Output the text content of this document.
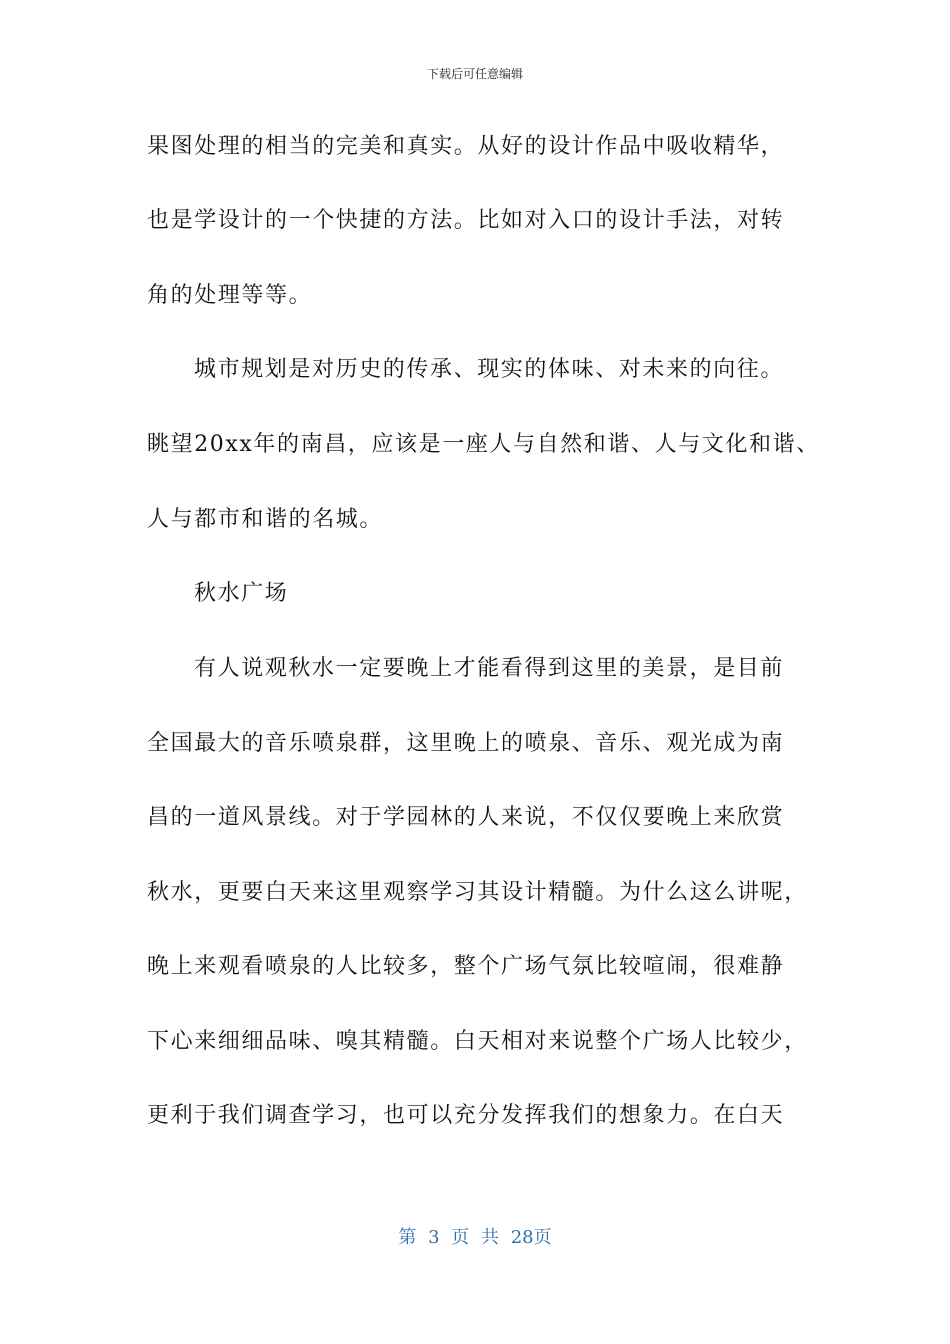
下载后可任意编辑
果图处理的相当的完美和真实。从好的设计作品中吸收精华，
也是学设计的一个快捷的方法。比如对入口的设计手法，对转
角的处理等等。
城市规划是对历史的传承、现实的体味、对未来的向往。
眺望20xx年的南昌，应该是一座人与自然和谐、人与文化和谐、
人与都市和谐的名城。
秋水广场
有人说观秋水一定要晚上才能看得到这里的美景，是目前
全国最大的音乐喷泉群，这里晚上的喷泉、音乐、观光成为南
昌的一道风景线。对于学园林的人来说，不仅仅要晚上来欣赏
秋水，更要白天来这里观察学习其设计精髓。为什么这么讲呢，
晚上来观看喷泉的人比较多，整个广场气氛比较喧闹，很难静
下心来细细品味、嗅其精髓。白天相对来说整个广场人比较少，
更利于我们调查学习，也可以充分发挥我们的想象力。在白天
第 3 页 共 28页
